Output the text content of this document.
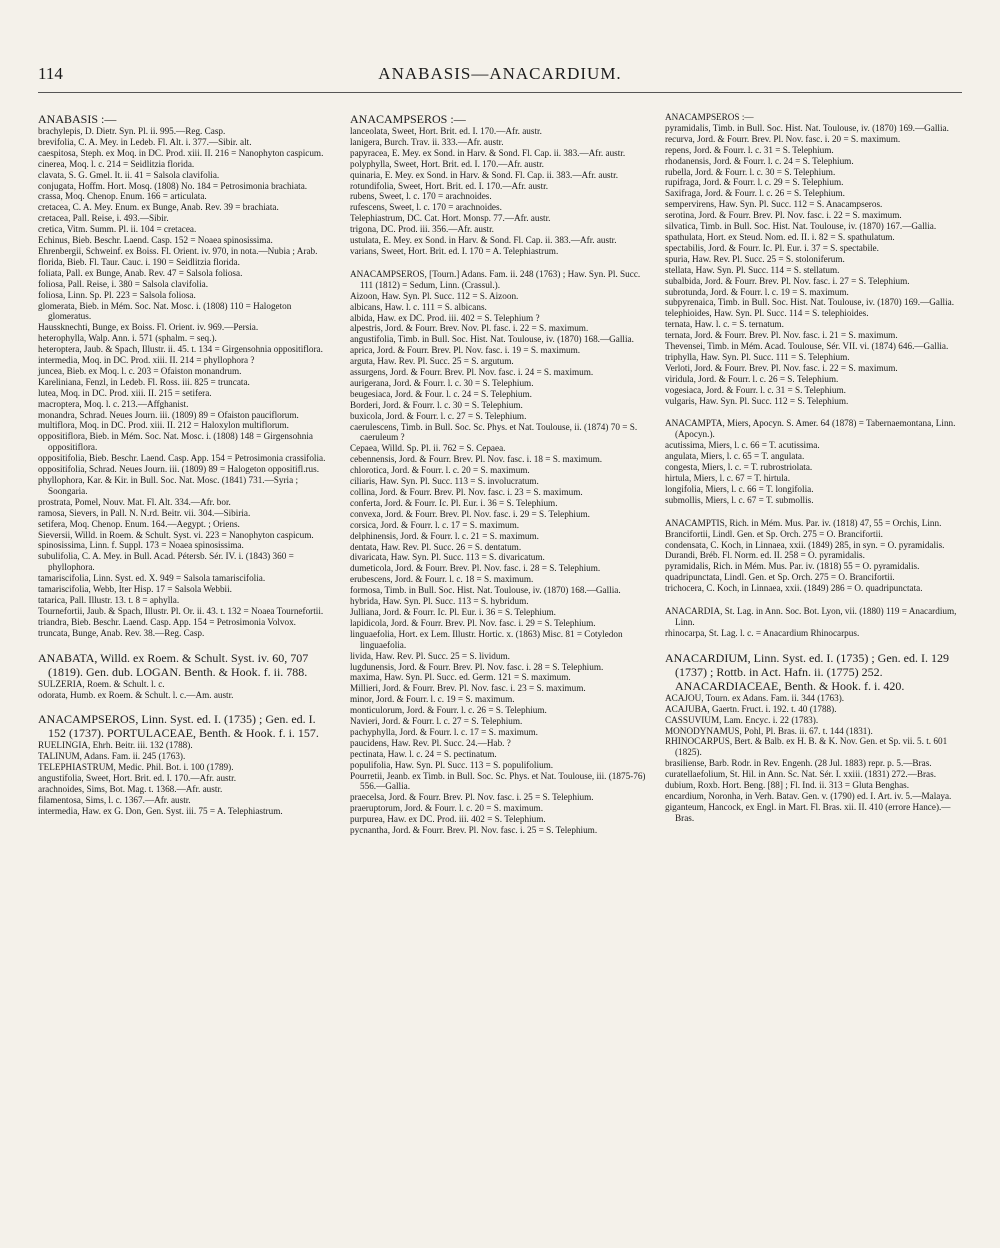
114	ANABASIS—ANACARDIUM.

ANABASIS :—

brachylepis, D. Dietr. Syn. Pl. ii. 995.—Reg. Casp.

brevifolia, C. A. Mey. in Ledeb. Fl. Alt. i. 377.—Sibir. alt.

caespitosa, Steph. ex Moq. in DC. Prod. xiii. II. 216 = Nanophyton caspicum.

cinerea, Moq. l. c. 214 = Seidlitzia florida.

clavata, S. G. Gmel. It. ii. 41 = Salsola clavifolia.

conjugata, Hoffm. Hort. Mosq. (1808) No. 184 = Petrosimonia brachiata.

crassa, Moq. Chenop. Enum. 166 = articulata.

cretacea, C. A. Mey. Enum. ex Bunge, Anab. Rev. 39 = brachiata.

cretacea, Pall. Reise, i. 493.—Sibir.

cretica, Vitm. Summ. Pl. ii. 104 = cretacea.

Echinus, Bieb. Beschr. Laend. Casp. 152 = Noaea spinosissima.

Ehrenbergii, Schweinf. ex Boiss. Fl. Orient. iv. 970, in nota.—Nubia ; Arab.

florida, Bieb. Fl. Taur. Cauc. i. 190 = Seidlitzia florida.

foliata, Pall. ex Bunge, Anab. Rev. 47 = Salsola foliosa.

foliosa, Pall. Reise, i. 380 = Salsola clavifolia.

foliosa, Linn. Sp. Pl. 223 = Salsola foliosa.

glomerata, Bieb. in Mém. Soc. Nat. Mosc. i. (1808) 110 = Halogeton glomeratus.

Haussknechti, Bunge, ex Boiss. Fl. Orient. iv. 969.—Persia.

heterophylla, Walp. Ann. i. 571 (sphalm. = seq.).

heteroptera, Jaub. & Spach, Illustr. ii. 45. t. 134 = Girgensohnia oppositiflora.

intermedia, Moq. in DC. Prod. xiii. II. 214 = phyllophora ?

juncea, Bieb. ex Moq. l. c. 203 = Ofaiston monandrum.

Kareliniana, Fenzl, in Ledeb. Fl. Ross. iii. 825 = truncata.

lutea, Moq. in DC. Prod. xiii. II. 215 = setifera.

macroptera, Moq. l. c. 213.—Affghanist.

monandra, Schrad. Neues Journ. iii. (1809) 89 = Ofaiston pauciflorum.

multiflora, Moq. in DC. Prod. xiii. II. 212 = Haloxylon multiflorum.

oppositiflora, Bieb. in Mém. Soc. Nat. Mosc. i. (1808) 148 = Girgensohnia oppositiflora.

oppositifolia, Bieb. Beschr. Laend. Casp. App. 154 = Petrosimonia crassifolia.

oppositifolia, Schrad. Neues Journ. iii. (1809) 89 = Halogeton oppositifl.rus.

phyllophora, Kar. & Kir. in Bull. Soc. Nat. Mosc. (1841) 731.—Syria ; Soongaria.

prostrata, Pomel, Nouv. Mat. Fl. Alt. 334.—Afr. bor.

ramosa, Sievers, in Pall. N. N.rd. Beitr. vii. 304.—Sibiria.

setifera, Moq. Chenop. Enum. 164.—Aegypt. ; Oriens.

Sieversii, Willd. in Roem. & Schult. Syst. vi. 223 = Nanophyton caspicum.

spinosissima, Linn. f. Suppl. 173 = Noaea spinosissima.

subulifolia, C. A. Mey. in Bull. Acad. Pétersb. Sér. IV. i. (1843) 360 = phyllophora.

tamariscifolia, Linn. Syst. ed. X. 949 = Salsola tamariscifolia.

tamariscifolia, Webb, Iter Hisp. 17 = Salsola Webbii.

tatarica, Pall. Illustr. 13. t. 8 = aphylla.

Tournefortii, Jaub. & Spach, Illustr. Pl. Or. ii. 43. t. 132 = Noaea Tournefortii.

triandra, Bieb. Beschr. Laend. Casp. App. 154 = Petrosimonia Volvox.

truncata, Bunge, Anab. Rev. 38.—Reg. Casp.

ANABATA, Willd. ex Roem. & Schult. Syst. iv. 60, 707 (1819). Gen. dub. LOGAN. Benth. & Hook. f. ii. 788.

SULZERIA, Roem. & Schult. l. c.

odorata, Humb. ex Roem. & Schult. l. c.—Am. austr.

ANACAMPSEROS, Linn. Syst. ed. I. (1735) ; Gen. ed. I. 152 (1737). PORTULACEAE, Benth. & Hook. f. i. 157.

RUELINGIA, Ehrh. Beitr. iii. 132 (1788).

TALINUM, Adans. Fam. ii. 245 (1763).

TELEPHIASTRUM, Medic. Phil. Bot. i. 100 (1789).

angustifolia, Sweet, Hort. Brit. ed. I. 170.—Afr. austr.

arachnoides, Sims, Bot. Mag. t. 1368.—Afr. austr.

filamentosa, Sims, l. c. 1367.—Afr. austr.

intermedia, Haw. ex G. Don, Gen. Syst. iii. 75 = A. Telephiastrum.

ANACAMPSEROS :—

lanceolata, Sweet, Hort. Brit. ed. I. 170.—Afr. austr.

lanigera, Burch. Trav. ii. 333.—Afr. austr.

papyracea, E. Mey. ex Sond. in Harv. & Sond. Fl. Cap. ii. 383.—Afr. austr.

polyphylla, Sweet, Hort. Brit. ed. I. 170.—Afr. austr.

quinaria, E. Mey. ex Sond. in Harv. & Sond. Fl. Cap. ii. 383.—Afr. austr.

rotundifolia, Sweet, Hort. Brit. ed. I. 170.—Afr. austr.

rubens, Sweet, l. c. 170 = arachnoides.

rufescens, Sweet, l. c. 170 = arachnoides.

Telephiastrum, DC. Cat. Hort. Monsp. 77.—Afr. austr.

trigona, DC. Prod. iii. 356.—Afr. austr.

ustulata, E. Mey. ex Sond. in Harv. & Sond. Fl. Cap. ii. 383.—Afr. austr.

varians, Sweet, Hort. Brit. ed. I. 170 = A. Telephiastrum.

ANACAMPSEROS, [Tourn.] Adans. Fam. ii. 248 (1763) ; Haw. Syn. Pl. Succ. 111 (1812) = Sedum, Linn. (Crassul.).

Aizoon, Haw. Syn. Pl. Succ. 112 = S. Aizoon.

albicans, Haw. l. c. 111 = S. albicans.

albida, Haw. ex DC. Prod. iii. 402 = S. Telephium ?

alpestris, Jord. & Fourr. Brev. Nov. Pl. fasc. i. 22 = S. maximum.

angustifolia, Timb. in Bull. Soc. Hist. Nat. Toulouse, iv. (1870) 168.—Gallia.

aprica, Jord. & Fourr. Brev. Pl. Nov. fasc. i. 19 = S. maximum.

arguta, Haw. Rev. Pl. Succ. 25 = S. argutum.

assurgens, Jord. & Fourr. Brev. Pl. Nov. fasc. i. 24 = S. maximum.

aurigerana, Jord. & Fourr. l. c. 30 = S. Telephium.

beugesiaca, Jord. & Four. l. c. 24 = S. Telephium.

Borderi, Jord. & Fourr. l. c. 30 = S. Telephium.

buxicola, Jord. & Fourr. l. c. 27 = S. Telephium.

caerulescens, Timb. in Bull. Soc. Sc. Phys. et Nat. Toulouse, ii. (1874) 70 = S. caeruleum ?

Cepaea, Willd. Sp. Pl. ii. 762 = S. Cepaea.

cebennensis, Jord. & Fourr. Brev. Pl. Nov. fasc. i. 18 = S. maximum.

chlorotica, Jord. & Fourr. l. c. 20 = S. maximum.

ciliaris, Haw. Syn. Pl. Succ. 113 = S. involucratum.

collina, Jord. & Fourr. Brev. Pl. Nov. fasc. i. 23 = S. maximum.

conferta, Jord. & Fourr. Ic. Pl. Eur. i. 36 = S. Telephium.

convexa, Jord. & Fourr. Brev. Pl. Nov. fasc. i. 29 = S. Telephium.

corsica, Jord. & Fourr. l. c. 17 = S. maximum.

delphinensis, Jord. & Fourr. l. c. 21 = S. maximum.

dentata, Haw. Rev. Pl. Succ. 26 = S. dentatum.

divaricata, Haw. Syn. Pl. Succ. 113 = S. divaricatum.

dumeticola, Jord. & Fourr. Brev. Pl. Nov. fasc. i. 28 = S. Telephium.

erubescens, Jord. & Fourr. l. c. 18 = S. maximum.

formosa, Timb. in Bull. Soc. Hist. Nat. Toulouse, iv. (1870) 168.—Gallia.

hybrida, Haw. Syn. Pl. Succ. 113 = S. hybridum.

Julliana, Jord. & Fourr. Ic. Pl. Eur. i. 36 = S. Telephium.

lapidicola, Jord. & Fourr. Brev. Pl. Nov. fasc. i. 29 = S. Telephium.

linguaefolia, Hort. ex Lem. Illustr. Hortic. x. (1863) Misc. 81 = Cotyledon linguaefolia.

livida, Haw. Rev. Pl. Succ. 25 = S. lividum.

lugdunensis, Jord. & Fourr. Brev. Pl. Nov. fasc. i. 28 = S. Telephium.

maxima, Haw. Syn. Pl. Succ. ed. Germ. 121 = S. maximum.

Millieri, Jord. & Fourr. Brev. Pl. Nov. fasc. i. 23 = S. maximum.

minor, Jord. & Fourr. l. c. 19 = S. maximum.

monticulorum, Jord. & Fourr. l. c. 26 = S. Telephium.

Navieri, Jord. & Fourr. l. c. 27 = S. Telephium.

pachyphylla, Jord. & Fourr. l. c. 17 = S. maximum.

paucidens, Haw. Rev. Pl. Succ. 24.—Hab. ?

pectinata, Haw. l. c. 24 = S. pectinatum.

populifolia, Haw. Syn. Pl. Succ. 113 = S. populifolium.

Pourretii, Jeanb. ex Timb. in Bull. Soc. Sc. Phys. et Nat. Toulouse, iii. (1875-76) 556.—Gallia.

praecelsa, Jord. & Fourr. Brev. Pl. Nov. fasc. i. 25 = S. Telephium.

praeruptorum, Jord. & Fourr. l. c. 20 = S. maximum.

purpurea, Haw. ex DC. Prod. iii. 402 = S. Telephium.

pycnantha, Jord. & Fourr. Brev. Pl. Nov. fasc. i. 25 = S. Telephium.

ANACAMPSEROS :—

pyramidalis, Timb. in Bull. Soc. Hist. Nat. Toulouse, iv. (1870) 169.—Gallia.

recurva, Jord. & Fourr. Brev. Pl. Nov. fasc. i. 20 = S. maximum.

repens, Jord. & Fourr. l. c. 31 = S. Telephium.

rhodanensis, Jord. & Fourr. l. c. 24 = S. Telephium.

rubella, Jord. & Fourr. l. c. 30 = S. Telephium.

rupifraga, Jord. & Fourr. l. c. 29 = S. Telephium.

Saxifraga, Jord. & Fourr. l. c. 26 = S. Telephium.

sempervirens, Haw. Syn. Pl. Succ. 112 = S. Anacampseros.

serotina, Jord. & Fourr. Brev. Pl. Nov. fasc. i. 22 = S. maximum.

silvatica, Timb. in Bull. Soc. Hist. Nat. Toulouse, iv. (1870) 167.—Gallia.

spathulata, Hort. ex Steud. Nom. ed. II. i. 82 = S. spathulatum.

spectabilis, Jord. & Fourr. Ic. Pl. Eur. i. 37 = S. spectabile.

spuria, Haw. Rev. Pl. Succ. 25 = S. stoloniferum.

stellata, Haw. Syn. Pl. Succ. 114 = S. stellatum.

subalbida, Jord. & Fourr. Brev. Pl. Nov. fasc. i. 27 = S. Telephium.

subrotunda, Jord. & Fourr. l. c. 19 = S. maximum.

subpyrenaica, Timb. in Bull. Soc. Hist. Nat. Toulouse, iv. (1870) 169.—Gallia.

telephioides, Haw. Syn. Pl. Succ. 114 = S. telephioides.

ternata, Haw. l. c. = S. ternatum.

ternata, Jord. & Fourr. Brev. Pl. Nov. fasc. i. 21 = S. maximum.

Thevensei, Timb. in Mém. Acad. Toulouse, Sér. VII. vi. (1874) 646.—Gallia.

triphylla, Haw. Syn. Pl. Succ. 111 = S. Telephium.

Verloti, Jord. & Fourr. Brev. Pl. Nov. fasc. i. 22 = S. maximum.

viridula, Jord. & Fourr. l. c. 26 = S. Telephium.

vogesiaca, Jord. & Fourr. l. c. 31 = S. Telephium.

vulgaris, Haw. Syn. Pl. Succ. 112 = S. Telephium.

ANACAMPTA, Miers, Apocyn. S. Amer. 64 (1878) = Tabernaemontana, Linn. (Apocyn.).

acutissima, Miers, l. c. 66 = T. acutissima.

angulata, Miers, l. c. 65 = T. angulata.

congesta, Miers, l. c. = T. rubrostriolata.

hirtula, Miers, l. c. 67 = T. hirtula.

longifolia, Miers, l. c. 66 = T. longifolia.

submollis, Miers, l. c. 67 = T. submollis.

ANACAMPTIS, Rich. in Mém. Mus. Par. iv. (1818) 47, 55 = Orchis, Linn.

Brancifortii, Lindl. Gen. et Sp. Orch. 275 = O. Brancifortii.

condensata, C. Koch, in Linnaea, xxii. (1849) 285, in syn. = O. pyramidalis.

Durandi, Bréb. Fl. Norm. ed. II. 258 = O. pyramidalis.

pyramidalis, Rich. in Mém. Mus. Par. iv. (1818) 55 = O. pyramidalis.

quadripunctata, Lindl. Gen. et Sp. Orch. 275 = O. Brancifortii.

trichocera, C. Koch, in Linnaea, xxii. (1849) 286 = O. quadripunctata.

ANACARDIA, St. Lag. in Ann. Soc. Bot. Lyon, vii. (1880) 119 = Anacardium, Linn.

rhinocarpa, St. Lag. l. c. = Anacardium Rhinocarpus.

ANACARDIUM, Linn. Syst. ed. I. (1735) ; Gen. ed. I. 129 (1737) ; Rottb. in Act. Hafn. ii. (1775) 252. ANACARDIACEAE, Benth. & Hook. f. i. 420.

ACAJOU, Tourn. ex Adans. Fam. ii. 344 (1763).

ACAJUBA, Gaertn. Fruct. i. 192. t. 40 (1788).

CASSUVIUM, Lam. Encyc. i. 22 (1783).

MONODYNAMUS, Pohl, Pl. Bras. ii. 67. t. 144 (1831).

RHINOCARPUS, Bert. & Balb. ex H. B. & K. Nov. Gen. et Sp. vii. 5. t. 601 (1825).

brasiliense, Barb. Rodr. in Rev. Engenh. (28 Jul. 1883) repr. p. 5.—Bras.

curatellaefolium, St. Hil. in Ann. Sc. Nat. Sér. I. xxiii. (1831) 272.—Bras.

dubium, Roxb. Hort. Beng. [88] ; Fl. Ind. ii. 313 = Gluta Benghas.

encardium, Noronha, in Verh. Batav. Gen. v. (1790) ed. I. Art. iv. 5.—Malaya.

giganteum, Hancock, ex Engl. in Mart. Fl. Bras. xii. II. 410 (errore Hance).—Bras.
